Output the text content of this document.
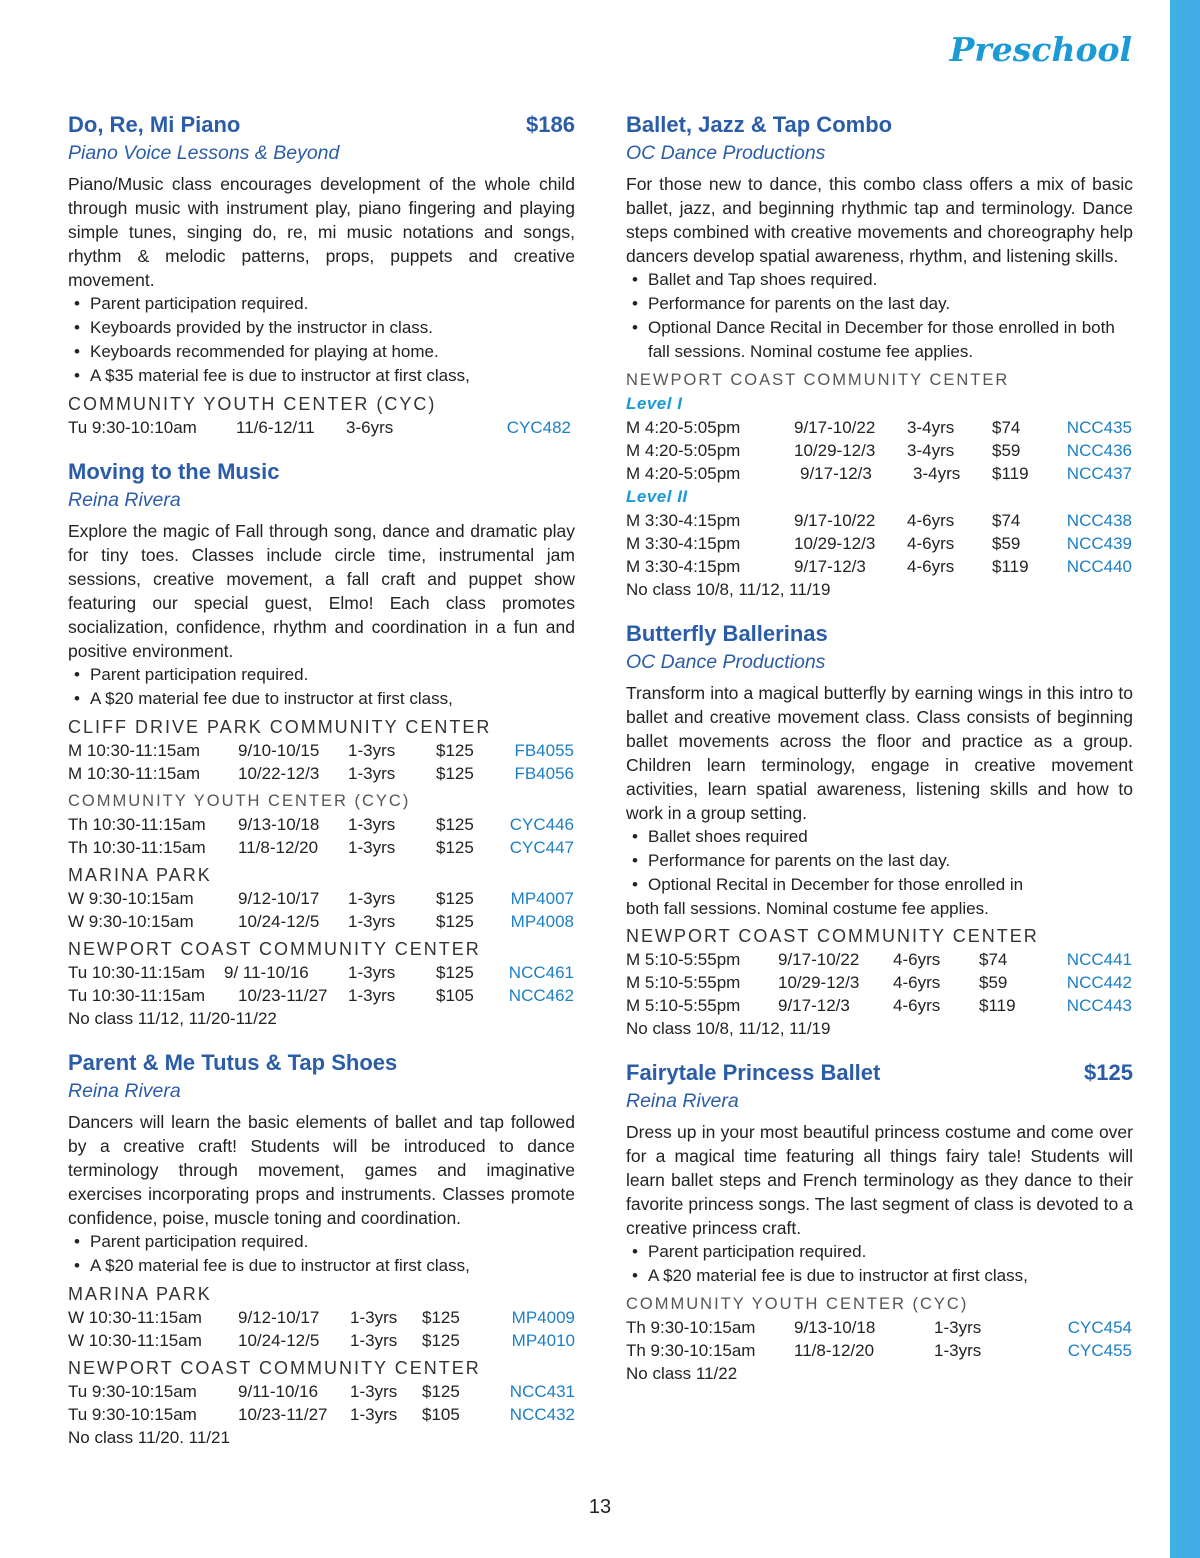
Preschool
Do, Re, Mi Piano	$186
Piano Voice Lessons & Beyond

Piano/Music class encourages development of the whole child through music with instrument play, piano fingering and playing simple tunes, singing do, re, mi music notations and songs, rhythm & melodic patterns, props, puppets and creative movement.

• Parent participation required.
• Keyboards provided by the instructor in class.
• Keyboards recommended for playing at home.
• A $35 material fee is due to instructor at first class,
COMMUNITY YOUTH CENTER (CYC)
Tu 9:30-10:10am	11/6-12/11	3-6yrs	CYC482
Moving to the Music
Reina Rivera

Explore the magic of Fall through song, dance and dramatic play for tiny toes. Classes include circle time, instrumental jam sessions, creative movement, a fall craft and puppet show featuring our special guest, Elmo! Each class promotes socialization, confidence, rhythm and coordination in a fun and positive environment.

• Parent participation required.
• A $20 material fee due to instructor at first class,
CLIFF DRIVE PARK COMMUNITY CENTER
M 10:30-11:15am	9/10-10/15	1-3yrs	$125	FB4055
M 10:30-11:15am	10/22-12/3	1-3yrs	$125	FB4056
COMMUNITY YOUTH CENTER (CYC)
Th 10:30-11:15am	9/13-10/18	1-3yrs	$125	CYC446
Th 10:30-11:15am	11/8-12/20	1-3yrs	$125	CYC447
MARINA PARK
W 9:30-10:15am	9/12-10/17	1-3yrs	$125	MP4007
W 9:30-10:15am	10/24-12/5	1-3yrs	$125	MP4008
NEWPORT COAST COMMUNITY CENTER
Tu 10:30-11:15am	9/ 11-10/16	1-3yrs	$125	NCC461
Tu 10:30-11:15am	10/23-11/27	1-3yrs	$105	NCC462
No class 11/12, 11/20-11/22
Parent & Me Tutus & Tap Shoes
Reina Rivera

Dancers will learn the basic elements of ballet and tap followed by a creative craft! Students will be introduced to dance terminology through movement, games and imaginative exercises incorporating props and instruments. Classes promote confidence, poise, muscle toning and coordination.

• Parent participation required.
• A $20 material fee is due to instructor at first class,
MARINA PARK
W 10:30-11:15am	9/12-10/17	1-3yrs	$125	MP4009
W 10:30-11:15am	10/24-12/5	1-3yrs	$125	MP4010
NEWPORT COAST COMMUNITY CENTER
Tu 9:30-10:15am	9/11-10/16	1-3yrs	$125	NCC431
Tu 9:30-10:15am	10/23-11/27	1-3yrs	$105	NCC432
No class 11/20. 11/21
Ballet, Jazz & Tap Combo
OC Dance Productions

For those new to dance, this combo class offers a mix of basic ballet, jazz, and beginning rhythmic tap and terminology. Dance steps combined with creative movements and choreography help dancers develop spatial awareness, rhythm, and listening skills.

• Ballet and Tap shoes required.
• Performance for parents on the last day.
• Optional Dance Recital in December for those enrolled in both fall sessions. Nominal costume fee applies.
NEWPORT COAST COMMUNITY CENTER
Level I
M 4:20-5:05pm	9/17-10/22	3-4yrs	$74	NCC435
M 4:20-5:05pm	10/29-12/3	3-4yrs	$59	NCC436
M 4:20-5:05pm	9/17-12/3	3-4yrs	$119	NCC437
Level II
M 3:30-4:15pm	9/17-10/22	4-6yrs	$74	NCC438
M 3:30-4:15pm	10/29-12/3	4-6yrs	$59	NCC439
M 3:30-4:15pm	9/17-12/3	4-6yrs	$119	NCC440
No class 10/8, 11/12, 11/19
Butterfly Ballerinas
OC Dance Productions

Transform into a magical butterfly by earning wings in this intro to ballet and creative movement class. Class consists of beginning ballet movements across the floor and practice as a group. Children learn terminology, engage in creative movement activities, learn spatial awareness, listening skills and how to work in a group setting.

• Ballet shoes required
• Performance for parents on the last day.
• Optional Recital in December for those enrolled in
both fall sessions. Nominal costume fee applies.
NEWPORT COAST COMMUNITY CENTER
M 5:10-5:55pm	9/17-10/22	4-6yrs	$74	NCC441
M 5:10-5:55pm	10/29-12/3	4-6yrs	$59	NCC442
M 5:10-5:55pm	9/17-12/3	4-6yrs	$119	NCC443
No class 10/8, 11/12, 11/19
Fairytale Princess Ballet	$125
Reina Rivera

Dress up in your most beautiful princess costume and come over for a magical time featuring all things fairy tale! Students will learn ballet steps and French terminology as they dance to their favorite princess songs. The last segment of class is devoted to a creative princess craft.

• Parent participation required.
• A $20 material fee is due to instructor at first class,
COMMUNITY YOUTH CENTER (CYC)
Th 9:30-10:15am	9/13-10/18	1-3yrs	CYC454
Th 9:30-10:15am	11/8-12/20	1-3yrs	CYC455
No class 11/22

13
